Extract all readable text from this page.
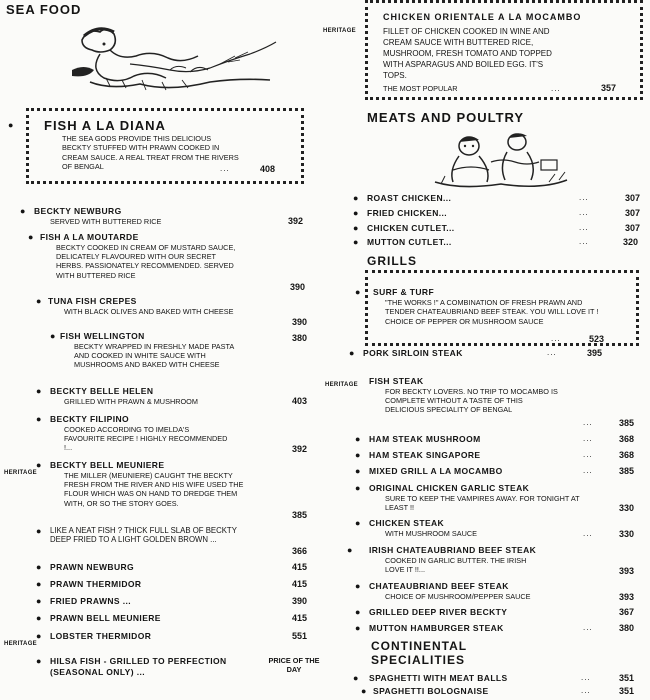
SEA FOOD
● FISH A LA DIANA
THE SEA GODS PROVIDE THIS DELICIOUS BECKTY STUFFED WITH PRAWN COOKED IN CREAM SAUCE. A REAL TREAT FROM THE RIVERS OF BENGAL	...	408
● BECKTY NEWBURG
SERVED WITH BUTTERED RICE	392
● FISH A LA MOUTARDE
BECKTY COOKED IN CREAM OF MUSTARD SAUCE, DELICATELY FLAVOURED WITH OUR SECRET HERBS. PASSIONATELY RECOMMENDED. SERVED WITH BUTTERED RICE
390
● TUNA FISH CREPES
WITH BLACK OLIVES AND BAKED WITH CHEESE
390
● FISH WELLINGTON
BECKTY WRAPPED IN FRESHLY MADE PASTA AND COOKED IN WHITE SAUCE WITH MUSHROOMS AND BAKED WITH CHEESE
380
● BECKTY BELLE HELEN
GRILLED WITH PRAWN & MUSHROOM	403
● BECKTY FILIPINO
COOKED ACCORDING TO IMELDA'S FAVOURITE RECIPE ! HIGHLY RECOMMENDED !...	392
HERITAGE
● BECKTY BELL MEUNIERE
THE MILLER (MEUNIERE) CAUGHT THE BECKTY FRESH FROM THE RIVER AND HIS WIFE USED THE FLOUR WHICH WAS ON HAND TO DREDGE THEM WITH, OR SO THE STORY GOES.
385
● LIKE A NEAT FISH ? THICK FULL SLAB OF BECKTY DEEP FRIED TO A LIGHT GOLDEN BROWN ...
366
● PRAWN NEWBURG	415
● PRAWN THERMIDOR	415
● FRIED PRAWNS ...	390
● PRAWN BELL MEUNIERE	415
● LOBSTER THERMIDOR	551
HERITAGE
● HILSA FISH - GRILLED TO PERFECTION (SEASONAL ONLY) ...
PRICE OF THE DAY
HERITAGE
CHICKEN ORIENTALE A LA MOCAMBO
FILLET OF CHICKEN COOKED IN WINE AND CREAM SAUCE WITH BUTTERED RICE, MUSHROOM, FRESH TOMATO AND TOPPED WITH ASPARAGUS AND BOILED EGG. IT'S TOPS.
THE MOST POPULAR	...	357
MEATS AND POULTRY
● ROAST CHICKEN...	...	307
● FRIED CHICKEN...	...	307
● CHICKEN CUTLET...	...	307
● MUTTON CUTLET...	...	320
GRILLS
● SURF & TURF
"THE WORKS !" A COMBINATION OF FRESH PRAWN AND TENDER CHATEAUBRIAND BEEF STEAK. YOU WILL LOVE IT ! CHOICE OF PEPPER OR MUSHROOM SAUCE
...	523
● PORK SIRLOIN STEAK	...	395
HERITAGE FISH STEAK
FOR BECKTY LOVERS. NO TRIP TO MOCAMBO IS COMPLETE WITHOUT A TASTE OF THIS DELICIOUS SPECIALITY OF BENGAL
...	385
● HAM STEAK MUSHROOM	...	368
● HAM STEAK SINGAPORE	...	368
● MIXED GRILL A LA MOCAMBO	...	385
● ORIGINAL CHICKEN GARLIC STEAK
SURE TO KEEP THE VAMPIRES AWAY. FOR TONIGHT AT LEAST !!	330
● CHICKEN STEAK
WITH MUSHROOM SAUCE	...	330
● IRISH CHATEAUBRIAND BEEF STEAK
COOKED IN GARLIC BUTTER. THE IRISH LOVE IT !!...	393
● CHATEAUBRIAND BEEF STEAK
CHOICE OF MUSHROOM/PEPPER SAUCE	393
● GRILLED DEEP RIVER BECKTY	367
● MUTTON HAMBURGER STEAK	...	380
CONTINENTAL
SPECIALITIES
● SPAGHETTI WITH MEAT BALLS	...	351
● SPAGHETTI BOLOGNAISE	...	351
